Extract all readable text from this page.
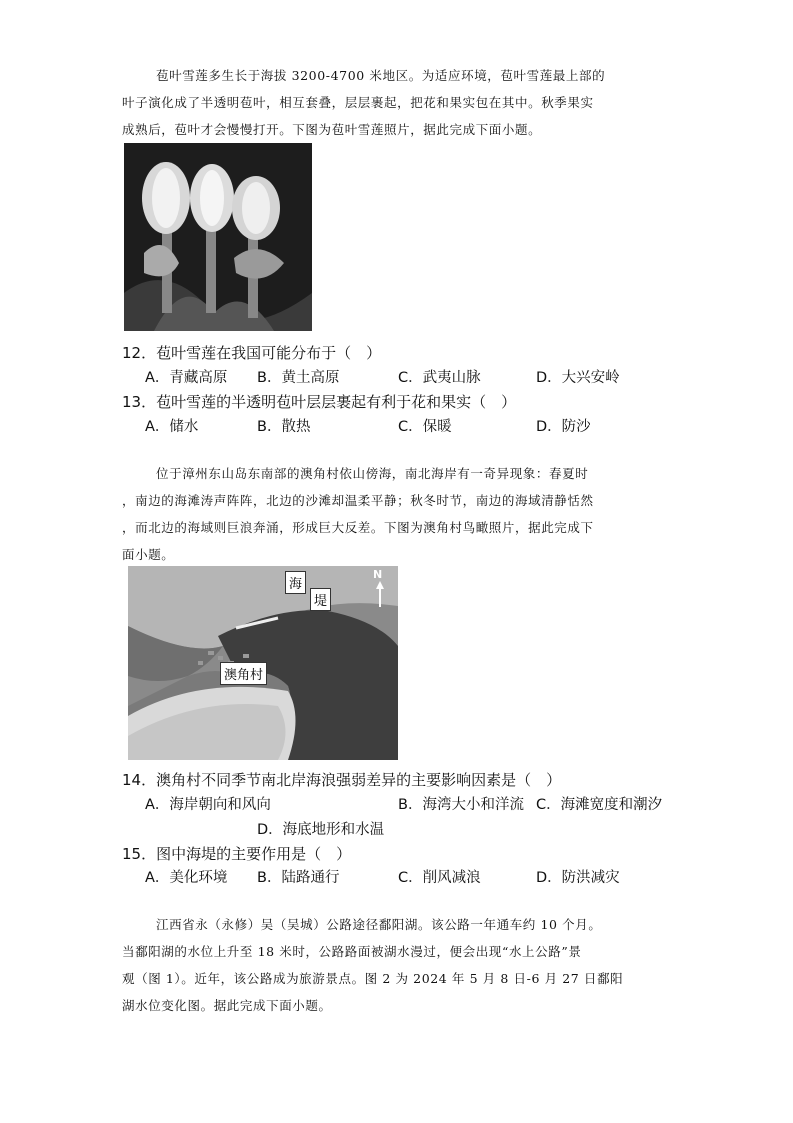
苞叶雪莲多生长于海拔 3200-4700 米地区。为适应环境，苞叶雪莲最上部的
叶子演化成了半透明苞叶，相互套叠，层层裹起，把花和果实包在其中。秋季果实
成熟后，苞叶才会慢慢打开。下图为苞叶雪莲照片，据此完成下面小题。

12．苞叶雪莲在我国可能分布于（　）

A．青藏高原 B．黄土高原	C．武夷山脉	D．大兴安岭

13．苞叶雪莲的半透明苞叶层层裹起有利于花和果实（　）

A．储水	B．散热	C．保暖	D．防沙
位于漳州东山岛东南部的澳角村依山傍海，南北海岸有一奇异现象：春夏时
，南边的海滩涛声阵阵，北边的沙滩却温柔平静；秋冬时节，南边的海域清静恬然
，而北边的海域则巨浪奔涌，形成巨大反差。下图为澳角村鸟瞰照片，据此完成下
面小题。
海
堤
澳角村
N

14．澳角村不同季节南北岸海浪强弱差异的主要影响因素是（　）

A．海岸朝向和风向	B．海湾大小和洋流 C．海滩宽度和潮汐
D．海底地形和水温

15．图中海堤的主要作用是（　）

A．美化环境 B．陆路通行	C．削风减浪	D．防洪减灾
江西省永（永修）吴（吴城）公路途径鄱阳湖。该公路一年通车约 10 个月。
当鄱阳湖的水位上升至 18 米时，公路路面被湖水漫过，便会出现“水上公路”景
观（图 1）。近年，该公路成为旅游景点。图 2 为 2024 年 5 月 8 日-6 月 27 日鄱阳
湖水位变化图。据此完成下面小题。
